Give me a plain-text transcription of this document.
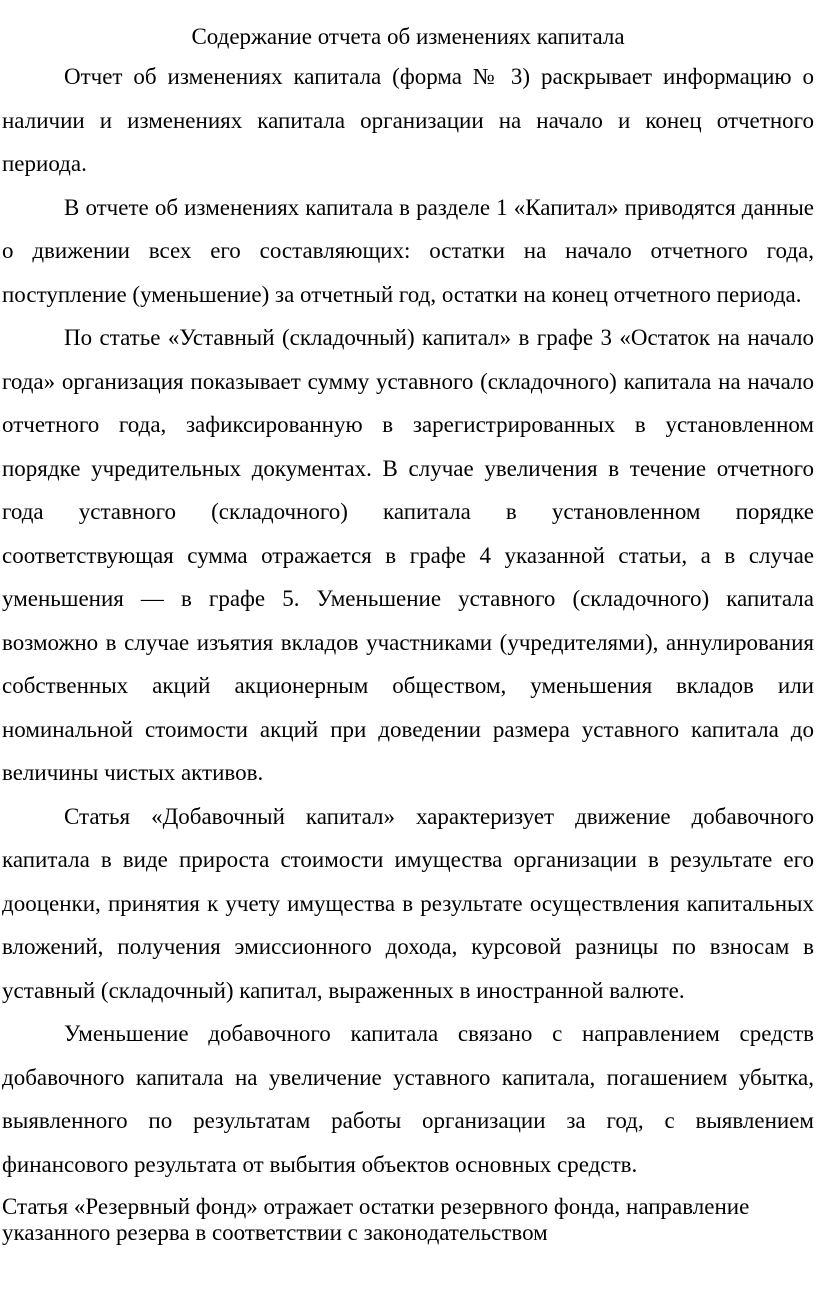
Содержание отчета об изменениях капитала

Отчет об изменениях капитала (форма № 3) раскрывает информацию о наличии и изменениях капитала организации на начало и конец отчетного периода.

В отчете об изменениях капитала в разделе 1 «Капитал» приводятся данные о движении всех его составляющих: остатки на начало отчетного года, поступление (уменьшение) за отчетный год, остатки на конец отчетного периода.

По статье «Уставный (складочный) капитал» в графе 3 «Остаток на начало года» организация показывает сумму уставного (складочного) капитала на начало отчетного года, зафиксированную в зарегистрированных в установленном порядке учредительных документах. В случае увеличения в течение отчетного года уставного (складочного) капитала в установленном порядке соответствующая сумма отражается в графе 4 указанной статьи, а в случае уменьшения — в графе 5. Уменьшение уставного (складочного) капитала возможно в случае изъятия вкладов участниками (учредителями), аннулирования собственных акций акционерным обществом, уменьшения вкладов или номинальной стоимости акций при доведении размера уставного капитала до величины чистых активов.

Статья «Добавочный капитал» характеризует движение добавочного капитала в виде прироста стоимости имущества организации в результате его дооценки, принятия к учету имущества в результате осуществления капитальных вложений, получения эмиссионного дохода, курсовой разницы по взносам в уставный (складочный) капитал, выраженных в иностранной валюте.

Уменьшение добавочного капитала связано с направлением средств добавочного капитала на увеличение уставного капитала, погашением убытка, выявленного по результатам работы организации за год, с выявлением финансового результата от выбытия объектов основных средств.

Статья «Резервный фонд» отражает остатки резервного фонда, направление указанного резерва в соответствии с законодательством
